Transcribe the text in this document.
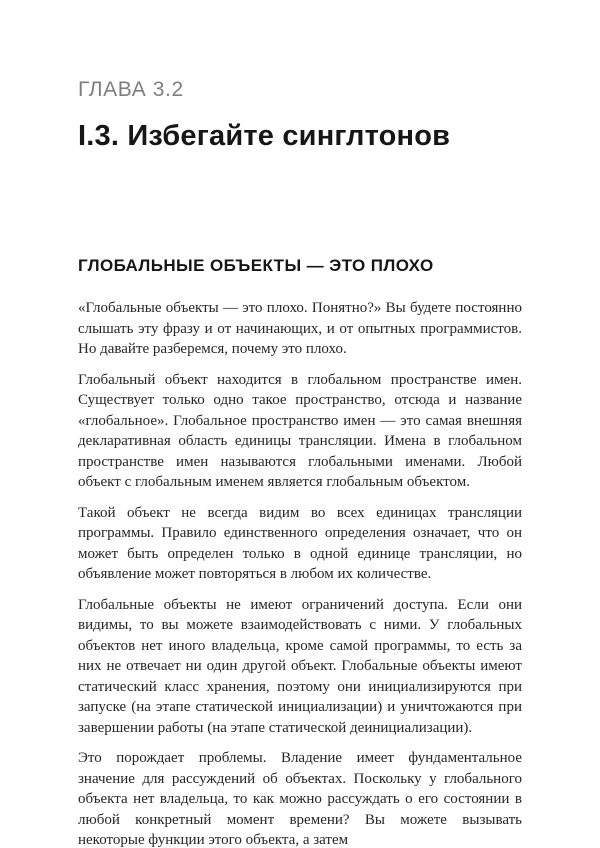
ГЛАВА 3.2
I.3. Избегайте синглтонов
ГЛОБАЛЬНЫЕ ОБЪЕКТЫ — ЭТО ПЛОХО

«Глобальные объекты — это плохо. Понятно?» Вы будете постоянно слышать эту фразу и от начинающих, и от опытных программистов. Но давайте разберемся, почему это плохо.

Глобальный объект находится в глобальном пространстве имен. Существует только одно такое пространство, отсюда и название «глобальное». Глобальное пространство имен — это самая внешняя декларативная область единицы трансляции. Имена в глобальном пространстве имен называются глобальными именами. Любой объект с глобальным именем является глобальным объектом.

Такой объект не всегда видим во всех единицах трансляции программы. Правило единственного определения означает, что он может быть определен только в одной единице трансляции, но объявление может повторяться в любом их количестве.

Глобальные объекты не имеют ограничений доступа. Если они видимы, то вы можете взаимодействовать с ними. У глобальных объектов нет иного владельца, кроме самой программы, то есть за них не отвечает ни один другой объект. Глобальные объекты имеют статический класс хранения, поэтому они инициализируются при запуске (на этапе статической инициализации) и уничтожаются при завершении работы (на этапе статической деинициализации).

Это порождает проблемы. Владение имеет фундаментальное значение для рассуждений об объектах. Поскольку у глобального объекта нет владельца, то как можно рассуждать о его состоянии в любой конкретный момент времени? Вы можете вызывать некоторые функции этого объекта, а затем
